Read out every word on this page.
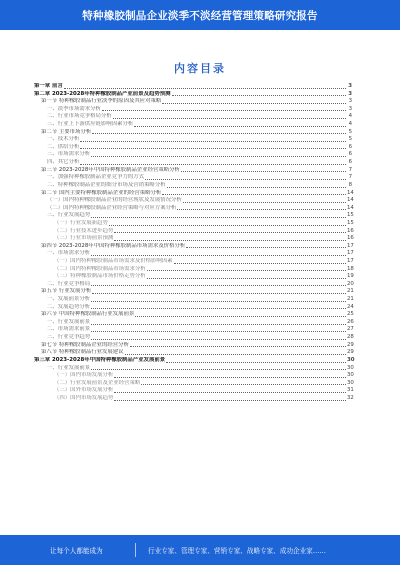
特种橡胶制品企业淡季不淡经营管理策略研究报告
内容目录
第一章 前言	3
第二章 2023-2028年特种橡胶制品产业前景及趋势预测	3
第一节 特种橡胶制品行业淡季的原因及其应对策略	3
一、淡季市场需求分析	3
二、行业市场竞争格局分析	4
三、行业上下游供应链影响因素分析	4
第二节 主要市场分析	5
一、技术分析	5
二、供给分析	6
三、市场需求分析	6
四、其它分析	6
第三节 2023-2028年中国特种橡胶制品企业经营策略分析	7
一、加强特种橡胶制品企业竞争力的方式	7
二、特种橡胶制品企业的细分市场及营销策略分析	8
第二节 国内主要特种橡胶制品企业的经营策略分析	14
（一）国内特种橡胶制品企业的经营现状及发展情况分析	14
（二）国内特种橡胶制品企业经营策略与对应方案分析	14
三、行业发展趋势	15
（一）行业发展新趋势	15
（二）行业技术进步趋势	16
（三）行业市场前景预测	16
第四节 2023-2028年中国特种橡胶制品市场需求及价格分析	17
一、市场需求分析	17
（一）国内特种橡胶制品市场需求及价格影响因素	17
（二）国内特种橡胶制品市场需求分析	18
（三）特种橡胶制品市场价格走势分析	19
二、行业竞争格局	20
第五节 行业发展分析	21
一、发展前景分析	21
二、发展趋势分析	24
第六节 中国特种橡胶制品行业发展前景	25
一、行业发展前景	26
二、市场需求前景	27
三、行业竞争趋势	28
第七节 特种橡胶制品企业的经营分析	29
第八节 特种橡胶制品行业发展建议	29
第三章 2023-2028年中国特种橡胶制品产业发展前景	30
一、行业发展前景	30
（一）国内市场发展分析	30
（二）行业发展前景及企业经营策略	30
（三）国外市场发展分析	31
（四）国内市场发展趋势	32
让每个人都能成为	行业专家、管理专家、营销专家、战略专家、成功企业家……
